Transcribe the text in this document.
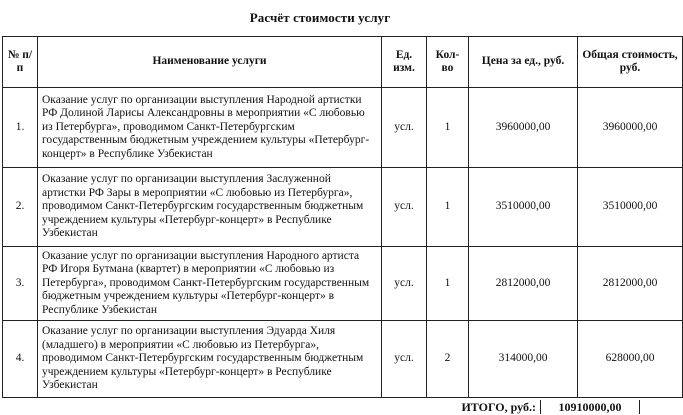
Расчёт стоимости услуг
№ п/п	Наименование услуги	Ед. изм.	Кол-во	Цена за ед., руб.	Общая стоимость, руб.
1.	Оказание услуг по организации выступления Народной артистки РФ Долиной Ларисы Александровны в мероприятии «С любовью из Петербурга», проводимом Санкт-Петербургским государственным бюджетным учреждением культуры «Петербург-концерт» в Республике Узбекистан	усл.	1	3960000,00	3960000,00
2.	Оказание услуг по организации выступления Заслуженной артистки РФ Зары в мероприятии «С любовью из Петербурга», проводимом Санкт-Петербургским государственным бюджетным учреждением культуры «Петербург-концерт» в Республике Узбекистан	усл.	1	3510000,00	3510000,00
3.	Оказание услуг по организации выступления Народного артиста РФ Игоря Бутмана (квартет) в мероприятии «С любовью из Петербурга», проводимом Санкт-Петербургским государственным бюджетным учреждением культуры «Петербург-концерт» в Республике Узбекистан	усл.	1	2812000,00	2812000,00
4.	Оказание услуг по организации выступления Эдуарда Хиля (младшего) в мероприятии «С любовью из Петербурга», проводимом Санкт-Петербургским государственным бюджетным учреждением культуры «Петербург-концерт» в Республике Узбекистан	усл.	2	314000,00	628000,00
ИТОГО, руб.:	10910000,00
